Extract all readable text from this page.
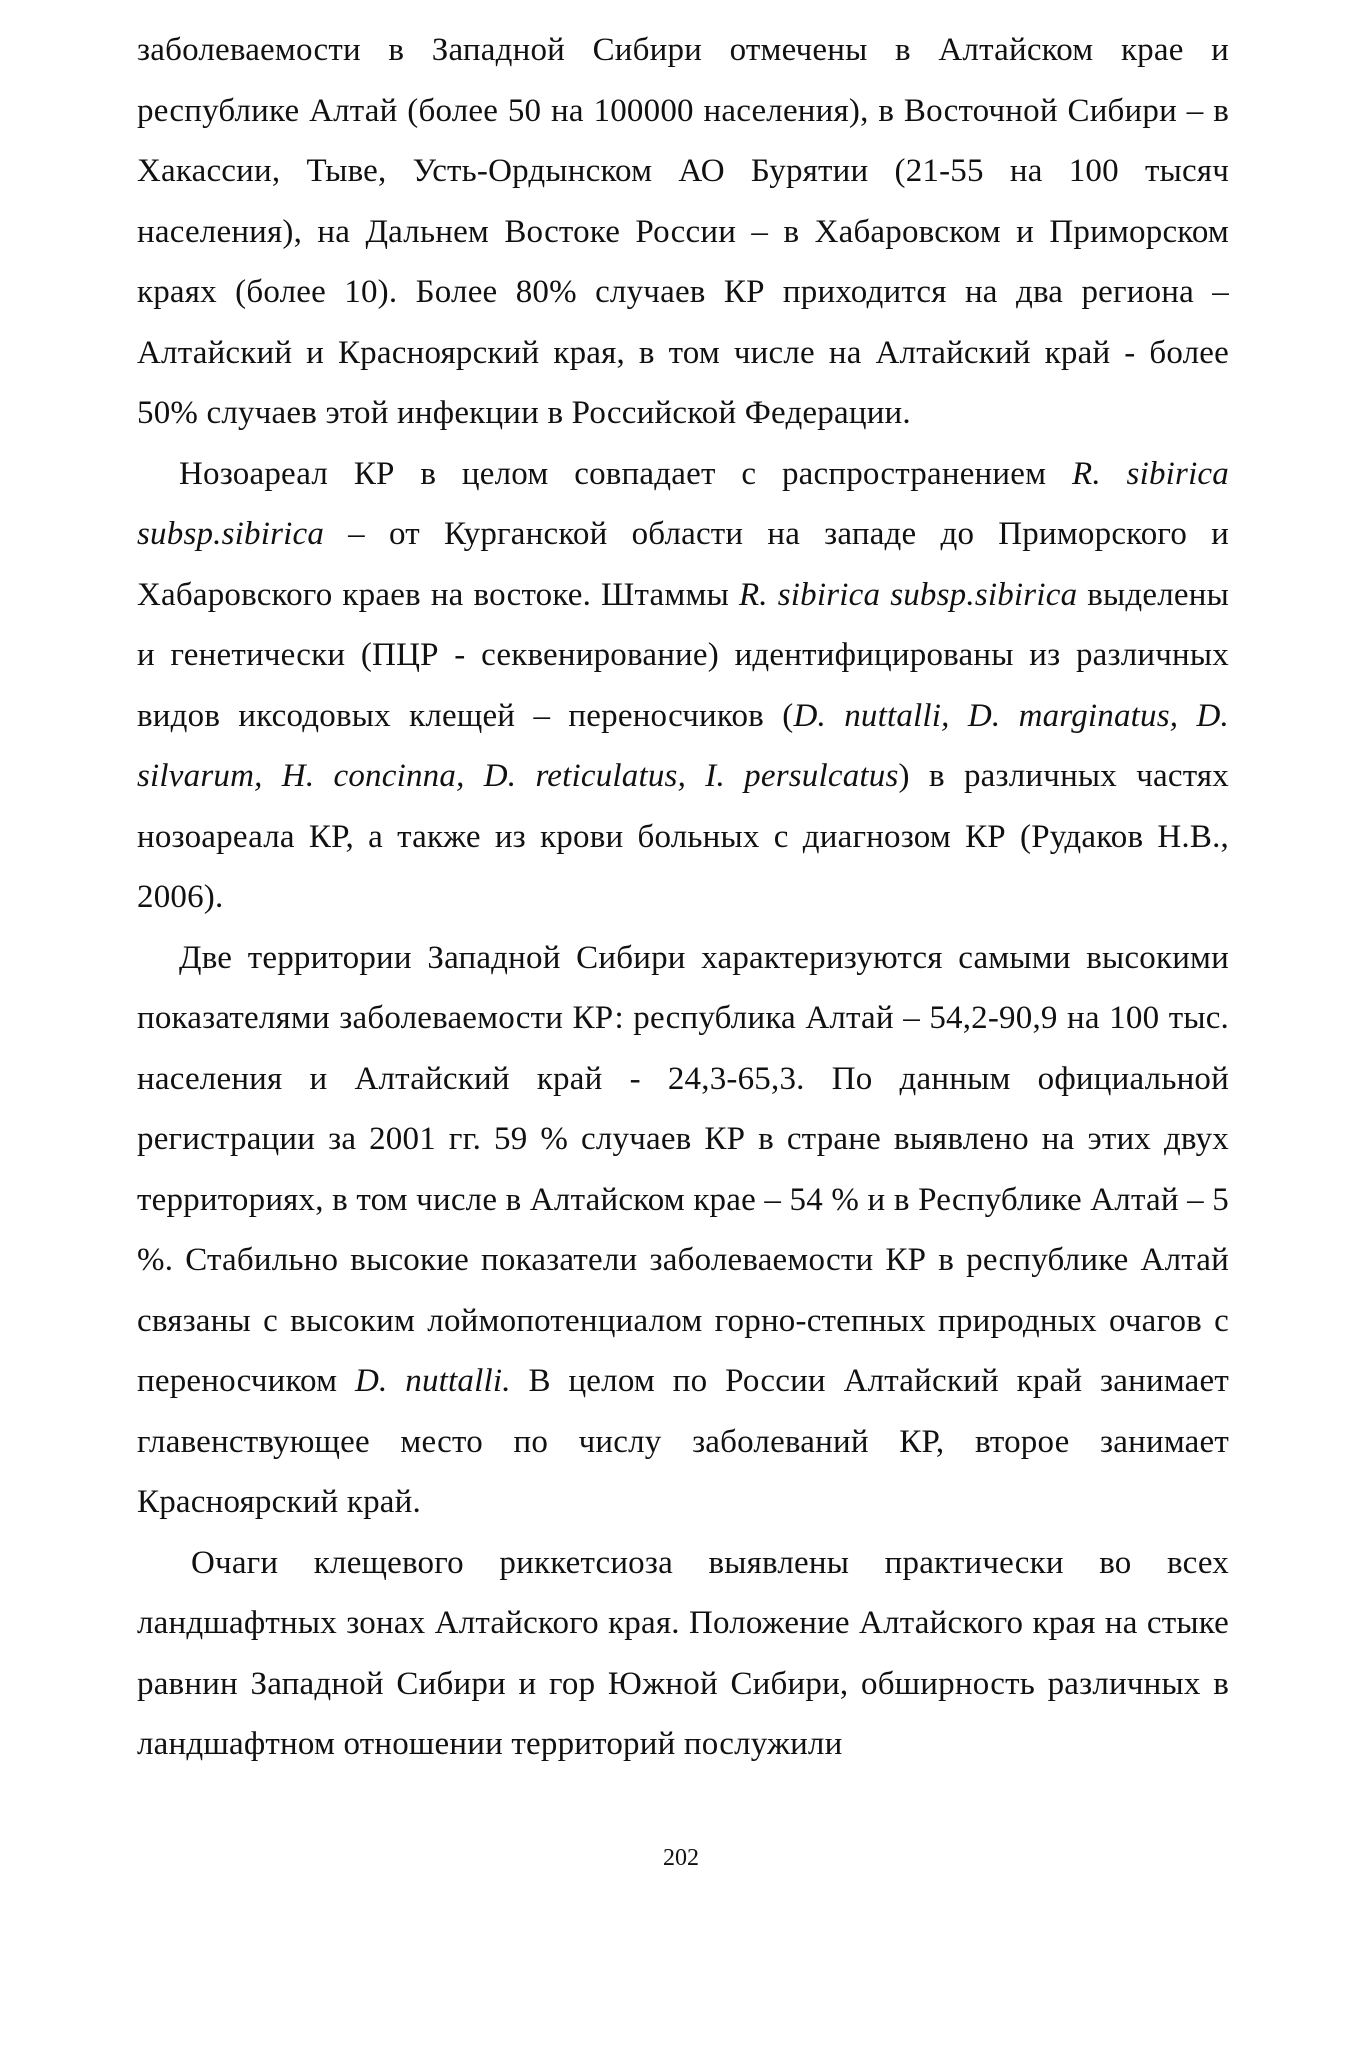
заболеваемости в Западной Сибири отмечены в Алтайском крае и республике Алтай (более 50 на 100000 населения), в Восточной Сибири – в Хакассии, Тыве, Усть-Ордынском АО Бурятии (21-55 на 100 тысяч населения), на Дальнем Востоке России – в Хабаровском и Приморском краях (более 10). Более 80% случаев КР приходится на два региона – Алтайский и Красноярский края, в том числе на Алтайский край - более 50% случаев этой инфекции в Российской Федерации.

Нозоареал КР в целом совпадает с распространением R. sibirica subsp.sibirica – от Курганской области на западе до Приморского и Хабаровского краев на востоке. Штаммы R. sibirica subsp.sibirica выделены и генетически (ПЦР - секвенирование) идентифицированы из различных видов иксодовых клещей – переносчиков (D. nuttalli, D. marginatus, D. silvarum, H. concinna, D. reticulatus, I. persulcatus) в различных частях нозоареала КР, а также из крови больных с диагнозом КР (Рудаков Н.В., 2006).

Две территории Западной Сибири характеризуются самыми высокими показателями заболеваемости КР: республика Алтай – 54,2-90,9 на 100 тыс. населения и Алтайский край - 24,3-65,3. По данным официальной регистрации за 2001 гг. 59 % случаев КР в стране выявлено на этих двух территориях, в том числе в Алтайском крае – 54 % и в Республике Алтай – 5 %. Стабильно высокие показатели заболеваемости КР в республике Алтай связаны с высоким лоймопотенциалом горно-степных природных очагов с переносчиком D. nuttalli. В целом по России Алтайский край занимает главенствующее место по числу заболеваний КР, второе занимает Красноярский край.

Очаги клещевого риккетсиоза выявлены практически во всех ландшафтных зонах Алтайского края. Положение Алтайского края на стыке равнин Западной Сибири и гор Южной Сибири, обширность различных в ландшафтном отношении территорий послужили

202
